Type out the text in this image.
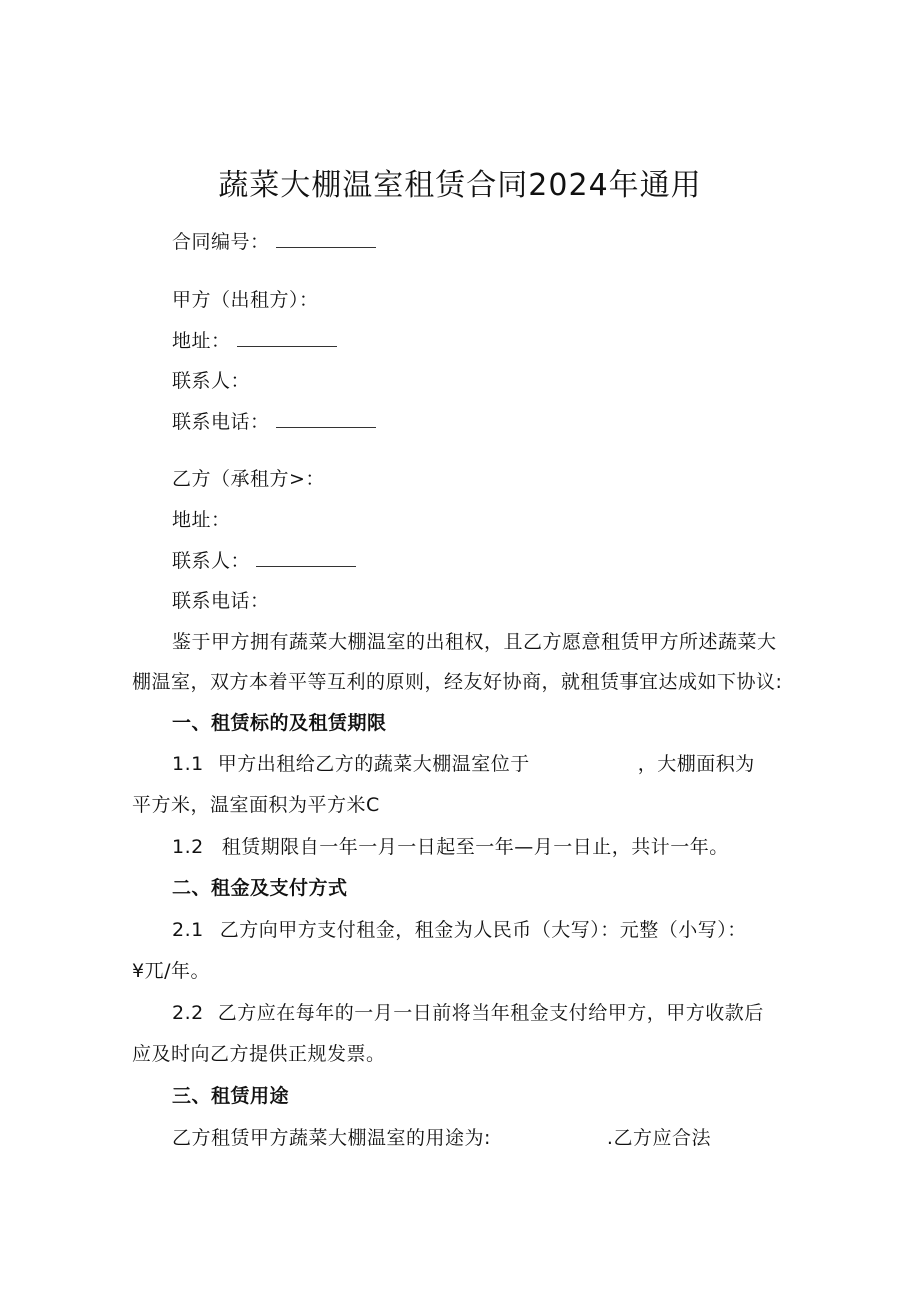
蔬菜大棚温室租赁合同2024年通用
合同编号：
甲方（出租方）：
地址：
联系人：
联系电话：
乙方（承租方>：
地址：
联系人：
联系电话：
鉴于甲方拥有蔬菜大棚温室的出租权，且乙方愿意租赁甲方所述蔬菜大
棚温室，双方本着平等互利的原则，经友好协商，就租赁事宜达成如下协议:
一、租赁标的及租赁期限
1.1 甲方出租给乙方的蔬菜大棚温室位于	，大棚面积为
平方米，温室面积为平方米C
1.2 租赁期限自一年一月一日起至一年—月一日止，共计一年。
二、租金及支付方式
2.1 乙方向甲方支付租金，租金为人民币（大写）：元整（小写）：
¥兀/年。
2.2 乙方应在每年的一月一日前将当年租金支付给甲方，甲方收款后
应及时向乙方提供正规发票。
三、租赁用途
乙方租赁甲方蔬菜大棚温室的用途为:	.乙方应合法
